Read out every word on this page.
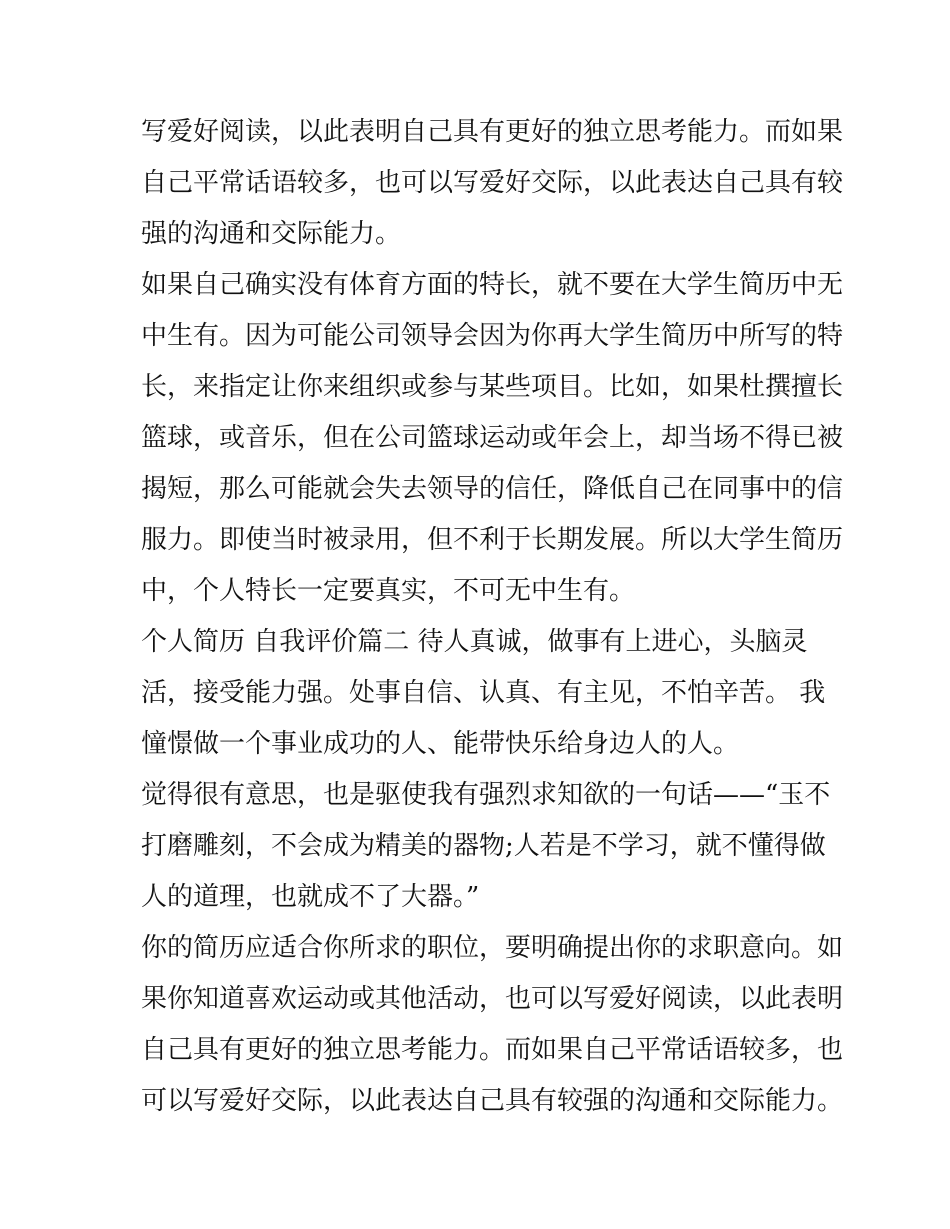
写爱好阅读，以此表明自己具有更好的独立思考能力。而如果
自己平常话语较多，也可以写爱好交际，以此表达自己具有较
强的沟通和交际能力。

如果自己确实没有体育方面的特长，就不要在大学生简历中无
中生有。因为可能公司领导会因为你再大学生简历中所写的特
长，来指定让你来组织或参与某些项目。比如，如果杜撰擅长
篮球，或音乐，但在公司篮球运动或年会上，却当场不得已被
揭短，那么可能就会失去领导的信任，降低自己在同事中的信
服力。即使当时被录用，但不利于长期发展。所以大学生简历
中，个人特长一定要真实，不可无中生有。

个人简历 自我评价篇二 待人真诚，做事有上进心，头脑灵
活，接受能力强。处事自信、认真、有主见，不怕辛苦。 我
憧憬做一个事业成功的人、能带快乐给身边人的人。

觉得很有意思，也是驱使我有强烈求知欲的一句话——“玉不
打磨雕刻，不会成为精美的器物;人若是不学习，就不懂得做
人的道理，也就成不了大器。”

你的简历应适合你所求的职位，要明确提出你的求职意向。如
果你知道喜欢运动或其他活动，也可以写爱好阅读，以此表明
自己具有更好的独立思考能力。而如果自己平常话语较多，也
可以写爱好交际，以此表达自己具有较强的沟通和交际能力。
